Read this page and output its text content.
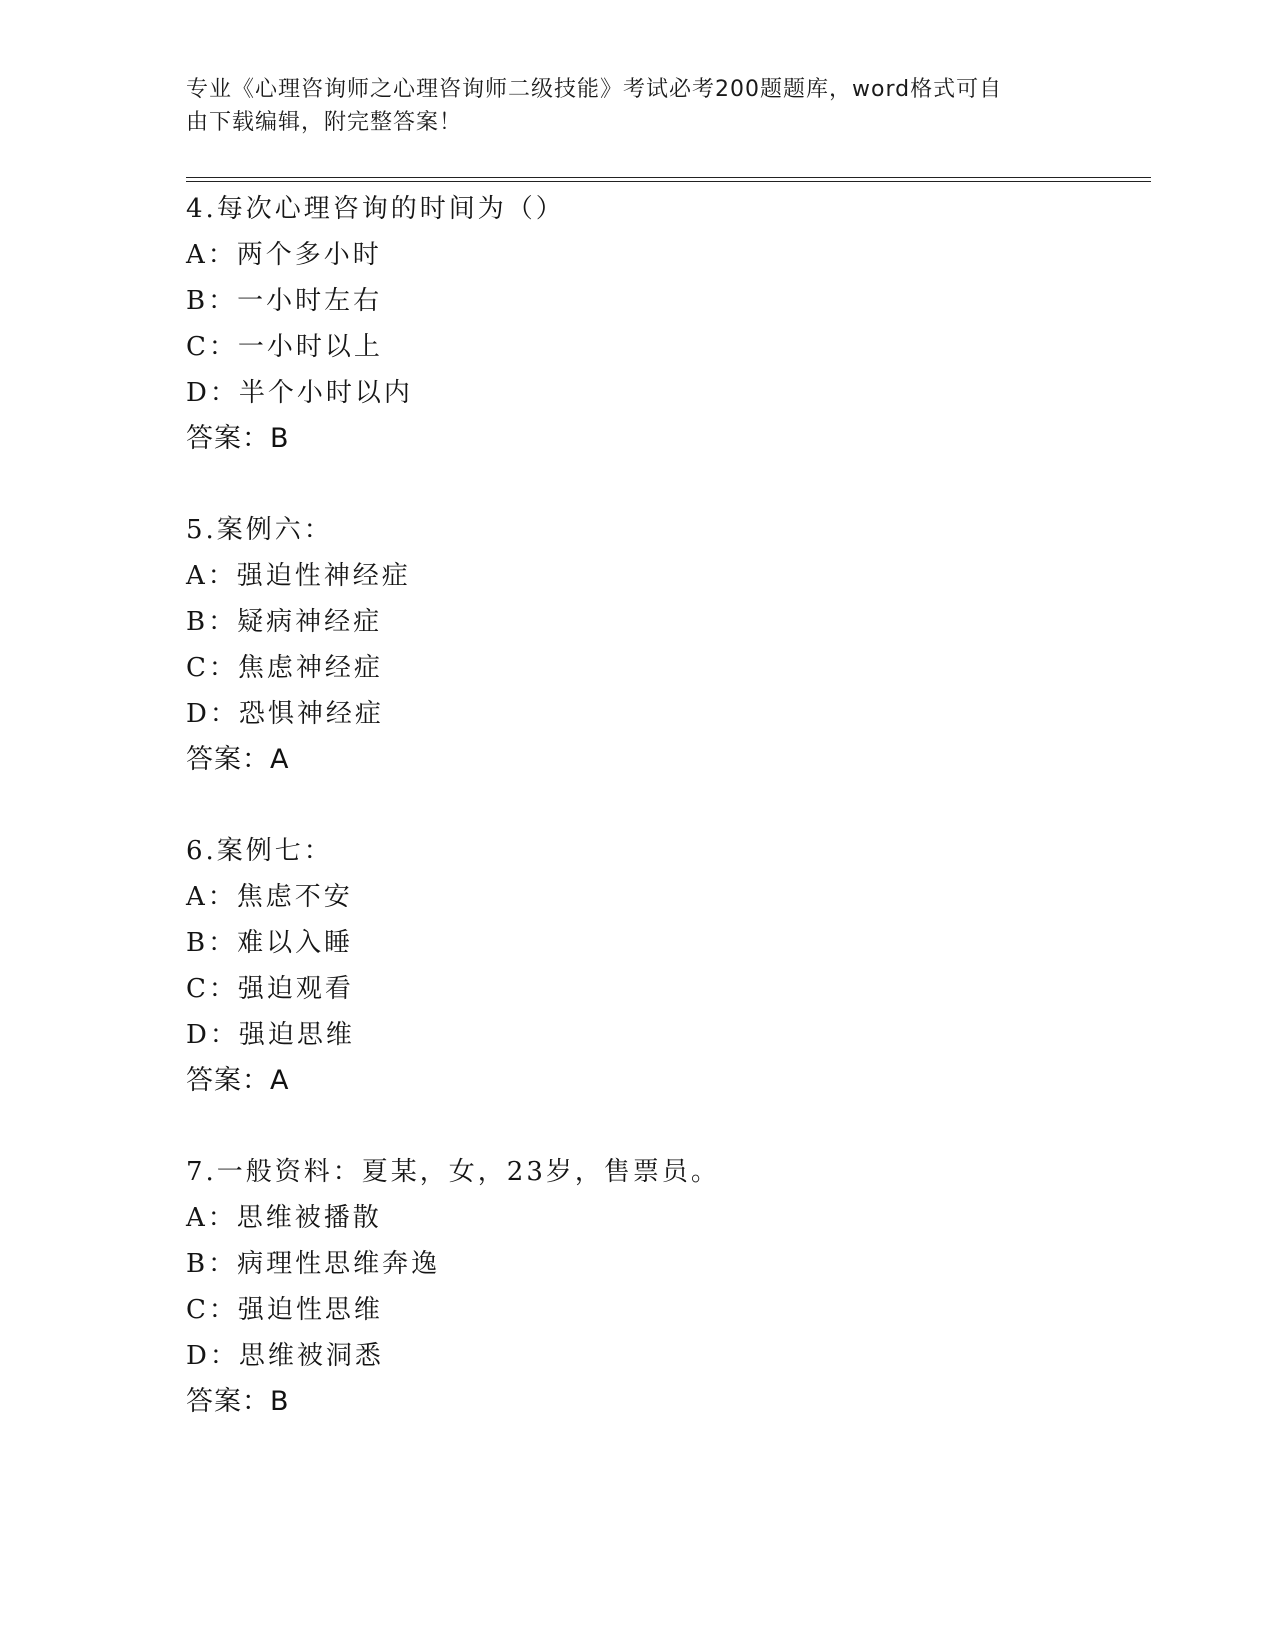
专业《心理咨询师之心理咨询师二级技能》考试必考200题题库，word格式可自
由下载编辑，附完整答案！
4.每次心理咨询的时间为（）
A：两个多小时
B：一小时左右
C：一小时以上
D：半个小时以内
答案：B
5.案例六：
A：强迫性神经症
B：疑病神经症
C：焦虑神经症
D：恐惧神经症
答案：A
6.案例七：
A：焦虑不安
B：难以入睡
C：强迫观看
D：强迫思维
答案：A
7.一般资料：夏某，女，23岁，售票员。
A：思维被播散
B：病理性思维奔逸
C：强迫性思维
D：思维被洞悉
答案：B
